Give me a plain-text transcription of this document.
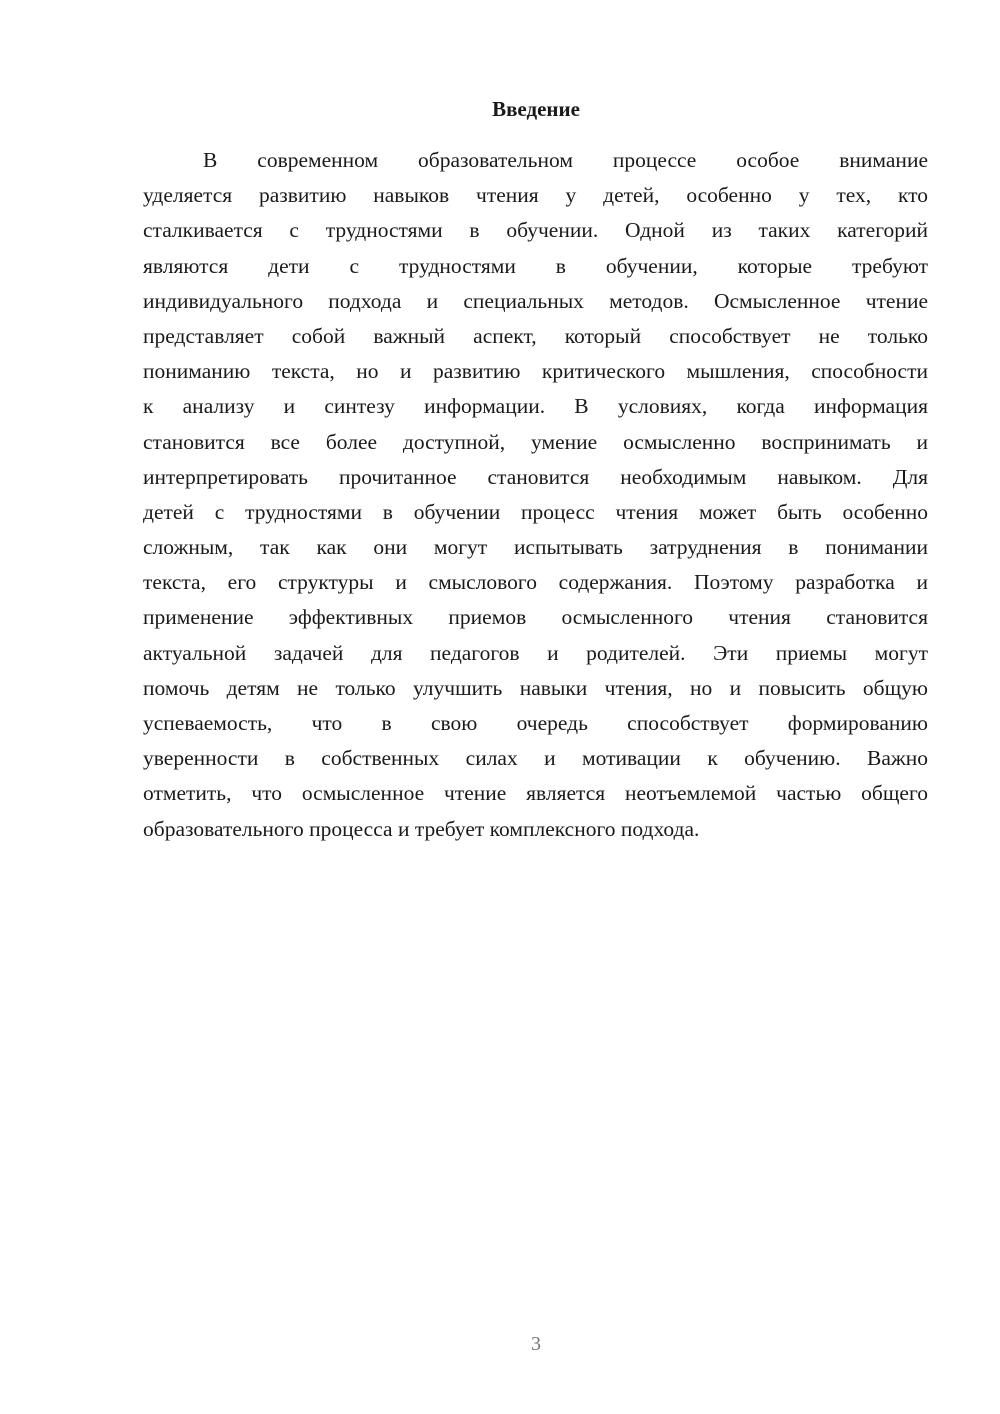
Введение
В современном образовательном процессе особое внимание
уделяется развитию навыков чтения у детей, особенно у тех, кто
сталкивается с трудностями в обучении. Одной из таких категорий
являются дети с трудностями в обучении, которые требуют
индивидуального подхода и специальных методов. Осмысленное чтение
представляет собой важный аспект, который способствует не только
пониманию текста, но и развитию критического мышления, способности
к анализу и синтезу информации. В условиях, когда информация
становится все более доступной, умение осмысленно воспринимать и
интерпретировать прочитанное становится необходимым навыком. Для
детей с трудностями в обучении процесс чтения может быть особенно
сложным, так как они могут испытывать затруднения в понимании
текста, его структуры и смыслового содержания. Поэтому разработка и
применение эффективных приемов осмысленного чтения становится
актуальной задачей для педагогов и родителей. Эти приемы могут
помочь детям не только улучшить навыки чтения, но и повысить общую
успеваемость, что в свою очередь способствует формированию
уверенности в собственных силах и мотивации к обучению. Важно
отметить, что осмысленное чтение является неотъемлемой частью общего
образовательного процесса и требует комплексного подхода.
3
